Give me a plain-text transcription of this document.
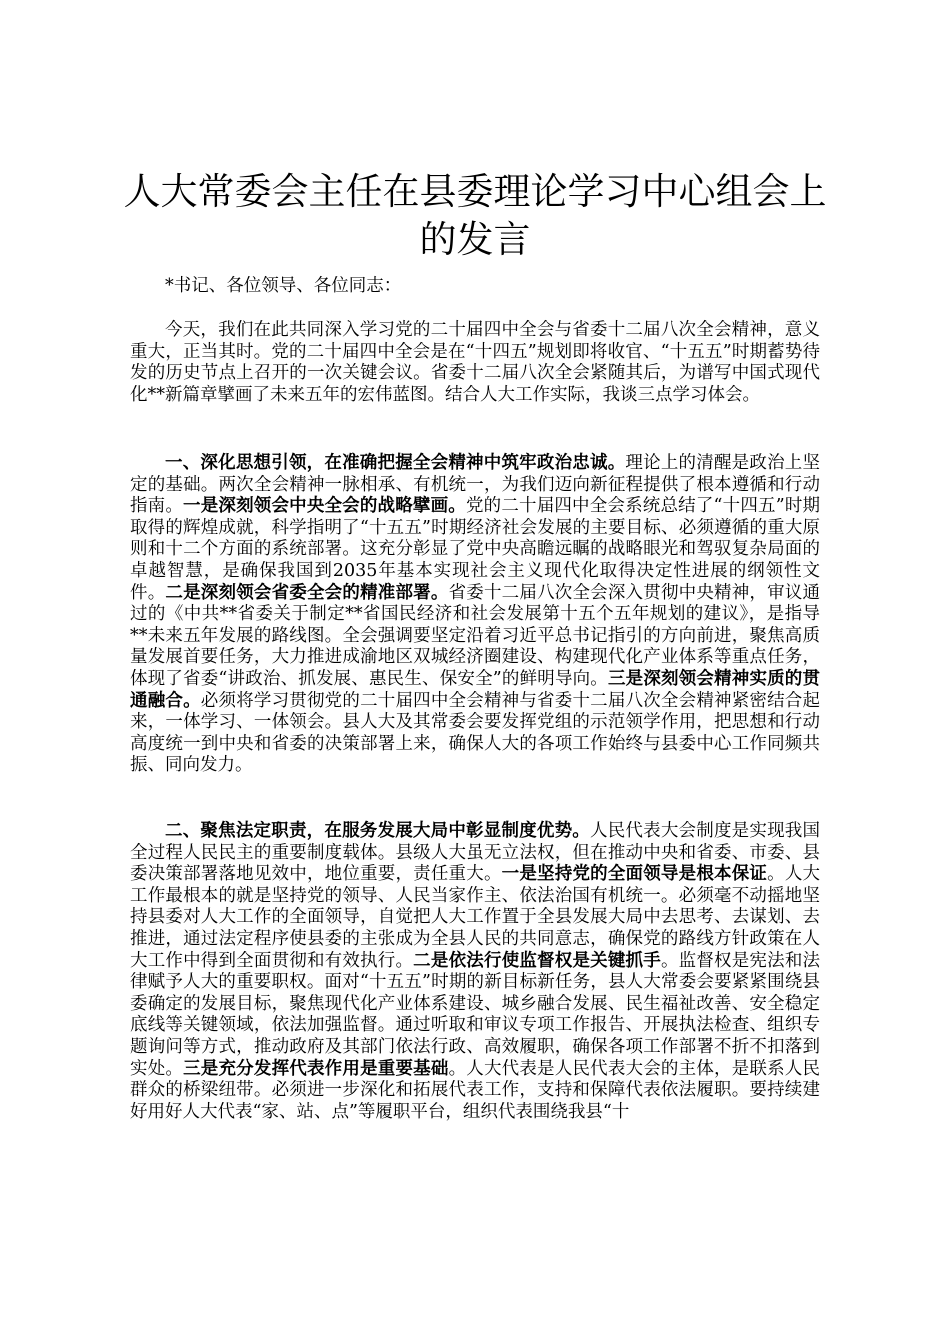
人大常委会主任在县委理论学习中心组会上的发言

*书记、各位领导、各位同志：

今天，我们在此共同深入学习党的二十届四中全会与省委十二届八次全会精神，意义重大，正当其时。党的二十届四中全会是在“十四五”规划即将收官、“十五五”时期蓄势待发的历史节点上召开的一次关键会议。省委十二届八次全会紧随其后，为谱写中国式现代化**新篇章擘画了未来五年的宏伟蓝图。结合人大工作实际，我谈三点学习体会。

一、深化思想引领，在准确把握全会精神中筑牢政治忠诚。理论上的清醒是政治上坚定的基础。两次全会精神一脉相承、有机统一，为我们迈向新征程提供了根本遵循和行动指南。一是深刻领会中央全会的战略擘画。党的二十届四中全会系统总结了“十四五”时期取得的辉煌成就，科学指明了“十五五”时期经济社会发展的主要目标、必须遵循的重大原则和十二个方面的系统部署。这充分彰显了党中央高瞻远瞩的战略眼光和驾驭复杂局面的卓越智慧，是确保我国到2035年基本实现社会主义现代化取得决定性进展的纲领性文件。二是深刻领会省委全会的精准部署。省委十二届八次全会深入贯彻中央精神，审议通过的《中共**省委关于制定**省国民经济和社会发展第十五个五年规划的建议》，是指导**未来五年发展的路线图。全会强调要坚定沿着习近平总书记指引的方向前进，聚焦高质量发展首要任务，大力推进成渝地区双城经济圈建设、构建现代化产业体系等重点任务，体现了省委“讲政治、抓发展、惠民生、保安全”的鲜明导向。三是深刻领会精神实质的贯通融合。必须将学习贯彻党的二十届四中全会精神与省委十二届八次全会精神紧密结合起来，一体学习、一体领会。县人大及其常委会要发挥党组的示范领学作用，把思想和行动高度统一到中央和省委的决策部署上来，确保人大的各项工作始终与县委中心工作同频共振、同向发力。

二、聚焦法定职责，在服务发展大局中彰显制度优势。人民代表大会制度是实现我国全过程人民民主的重要制度载体。县级人大虽无立法权，但在推动中央和省委、市委、县委决策部署落地见效中，地位重要，责任重大。一是坚持党的全面领导是根本保证。人大工作最根本的就是坚持党的领导、人民当家作主、依法治国有机统一。必须毫不动摇地坚持县委对人大工作的全面领导，自觉把人大工作置于全县发展大局中去思考、去谋划、去推进，通过法定程序使县委的主张成为全县人民的共同意志，确保党的路线方针政策在人大工作中得到全面贯彻和有效执行。二是依法行使监督权是关键抓手。监督权是宪法和法律赋予人大的重要职权。面对“十五五”时期的新目标新任务，县人大常委会要紧紧围绕县委确定的发展目标，聚焦现代化产业体系建设、城乡融合发展、民生福祉改善、安全稳定底线等关键领域，依法加强监督。通过听取和审议专项工作报告、开展执法检查、组织专题询问等方式，推动政府及其部门依法行政、高效履职，确保各项工作部署不折不扣落到实处。三是充分发挥代表作用是重要基础。人大代表是人民代表大会的主体，是联系人民群众的桥梁纽带。必须进一步深化和拓展代表工作，支持和保障代表依法履职。要持续建好用好人大代表“家、站、点”等履职平台，组织代表围绕我县“十
